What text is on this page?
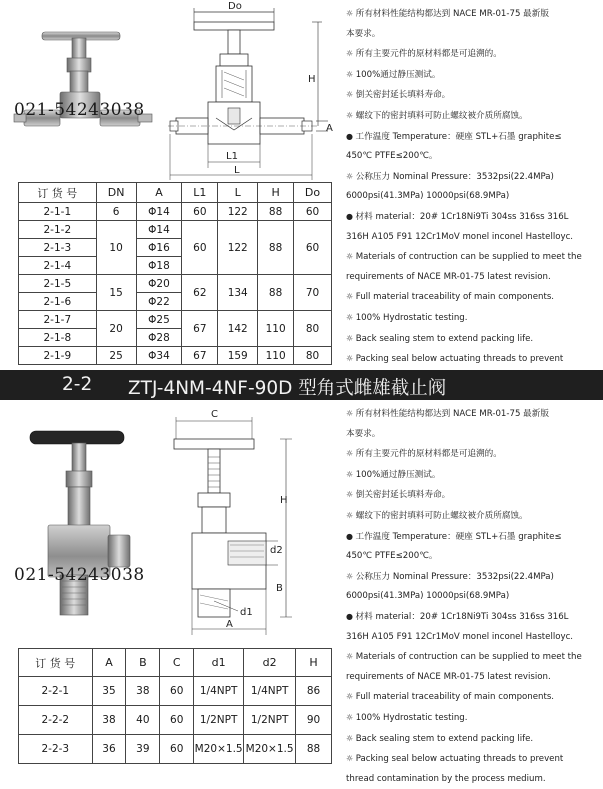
021-54243038
Do
H
A
L1
L
订 货 号	DN	A	L1	L	H	Do
2-1-1	6	Φ14	60	122	88	60
2-1-2	10	Φ14	60	122	88	60
2-1-3		Φ16				
2-1-4		Φ18				
2-1-5	15	Φ20	62	134	88	70
2-1-6		Φ22				
2-1-7	20	Φ25	67	142	110	80
2-1-8		Φ28				
2-1-9	25	Φ34	67	159	110	80
☼ 所有材料性能结构都达到 NACE MR-01-75 最新版
本要求。
☼ 所有主要元件的原材料都是可追溯的。
☼ 100%通过静压测试。
☼ 倒关密封延长填料寿命。
☼ 螺纹下的密封填料可防止螺纹被介质所腐蚀。
● 工作温度 Temperature：硬座 STL+石墨 graphite≤
450℃ PTFE≤200℃。
☼ 公称压力 Nominal Pressure：3532psi(22.4MPa)
6000psi(41.3MPa) 10000psi(68.9MPa)
● 材料 material：20# 1Cr18Ni9Ti 304ss 316ss 316L
316H A105 F91 12Cr1MoV monel inconel Hastelloyc.
☼ Materials of contruction can be supplied to meet the
requirements of NACE MR-01-75 latest revision.
☼ Full material traceability of main components.
☼ 100% Hydrostatic testing.
☼ Back sealing stem to extend packing life.
☼ Packing seal below actuating threads to prevent
2-2 ZTJ-4NM-4NF-90D 型角式雌雄截止阀
021-54243038
C
d2
H
B
d1
A
订 货 号	A	B	C	d1	d2	H
2-2-1	35	38	60	1/4NPT	1/4NPT	86
2-2-2	38	40	60	1/2NPT	1/2NPT	90
2-2-3	36	39	60	M20×1.5	M20×1.5	88
☼ 所有材料性能结构都达到 NACE MR-01-75 最新版
本要求。
☼ 所有主要元件的原材料都是可追溯的。
☼ 100%通过静压测试。
☼ 倒关密封延长填料寿命。
☼ 螺纹下的密封填料可防止螺纹被介质所腐蚀。
● 工作温度 Temperature：硬座 STL+石墨 graphite≤
450℃ PTFE≤200℃。
☼ 公称压力 Nominal Pressure：3532psi(22.4MPa)
6000psi(41.3MPa) 10000psi(68.9MPa)
● 材料 material：20# 1Cr18Ni9Ti 304ss 316ss 316L
316H A105 F91 12Cr1MoV monel inconel Hastelloyc.
☼ Materials of contruction can be supplied to meet the
requirements of NACE MR-01-75 latest revision.
☼ Full material traceability of main components.
☼ 100% Hydrostatic testing.
☼ Back sealing stem to extend packing life.
☼ Packing seal below actuating threads to prevent
thread contamination by the process medium.
